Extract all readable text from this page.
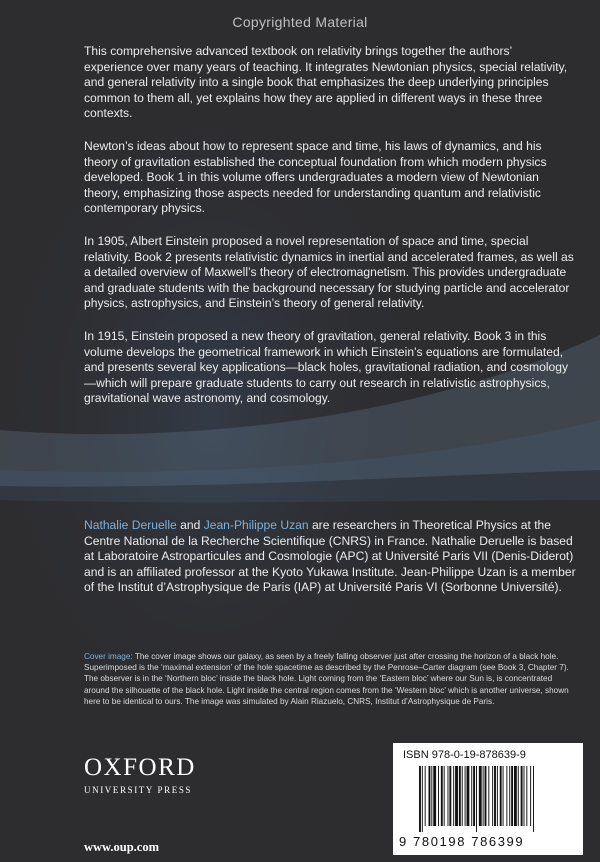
Copyrighted Material

This comprehensive advanced textbook on relativity brings together the authors’ experience over many years of teaching. It integrates Newtonian physics, special relativity, and general relativity into a single book that emphasizes the deep underlying principles common to them all, yet explains how they are applied in different ways in these three contexts.

Newton’s ideas about how to represent space and time, his laws of dynamics, and his theory of gravitation established the conceptual foundation from which modern physics developed. Book 1 in this volume offers undergraduates a modern view of Newtonian theory, emphasizing those aspects needed for understanding quantum and relativistic contemporary physics.

In 1905, Albert Einstein proposed a novel representation of space and time, special relativity. Book 2 presents relativistic dynamics in inertial and accelerated frames, as well as a detailed overview of Maxwell’s theory of electromagnetism. This provides undergraduate and graduate students with the background necessary for studying particle and accelerator physics, astrophysics, and Einstein’s theory of general relativity.

In 1915, Einstein proposed a new theory of gravitation, general relativity. Book 3 in this volume develops the geometrical framework in which Einstein’s equations are formulated, and presents several key applications—black holes, gravitational radiation, and cosmology—which will prepare graduate students to carry out research in relativistic astrophysics, gravitational wave astronomy, and cosmology.

Nathalie Deruelle and Jean-Philippe Uzan are researchers in Theoretical Physics at the Centre National de la Recherche Scientifique (CNRS) in France. Nathalie Deruelle is based at Laboratoire Astroparticules and Cosmologie (APC) at Université Paris VII (Denis-Diderot) and is an affiliated professor at the Kyoto Yukawa Institute. Jean-Philippe Uzan is a member of the Institut d’Astrophysique de Paris (IAP) at Université Paris VI (Sorbonne Université).
Cover image: The cover image shows our galaxy, as seen by a freely falling observer just after crossing the horizon of a black hole. Superimposed is the ‘maximal extension’ of the hole spacetime as described by the Penrose–Carter diagram (see Book 3, Chapter 7). The observer is in the ‘Northern bloc’ inside the black hole. Light coming from the ‘Eastern bloc’ where our Sun is, is concentrated around the silhouette of the black hole. Light inside the central region comes from the ‘Western bloc’ which is another universe, shown here to be identical to ours. The image was simulated by Alain Riazuelo, CNRS, Institut d’Astrophysique de Paris.
OXFORD
UNIVERSITY PRESS
www.oup.com
ISBN 978-0-19-878639-9
9 780198 786399
